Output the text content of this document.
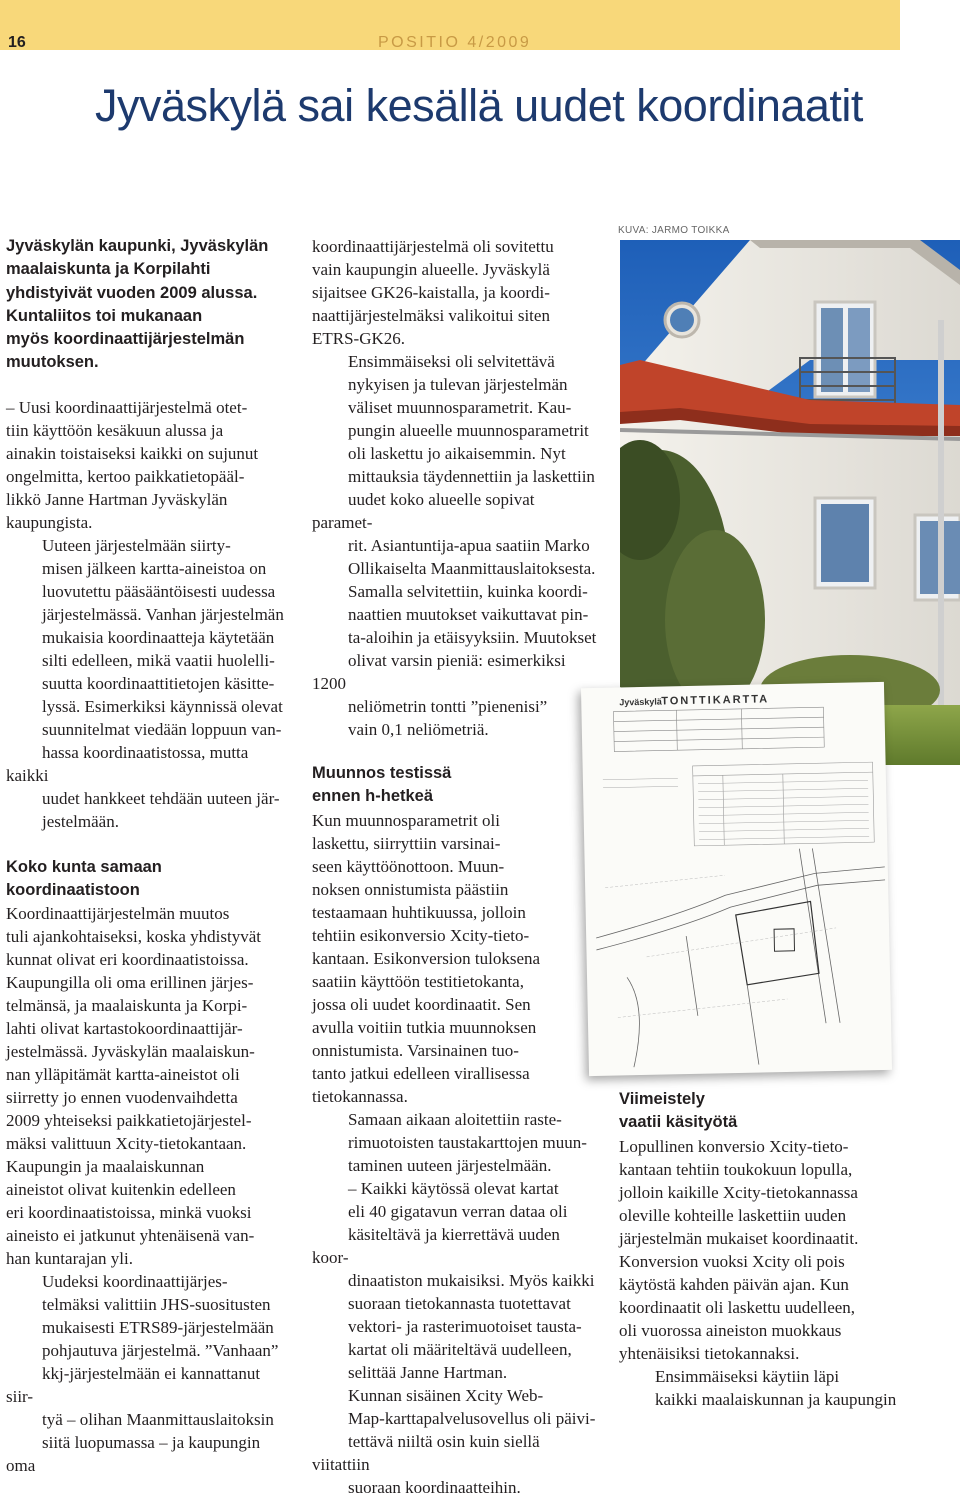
16	POSITIO 4/2009
Jyväskylä sai kesällä uudet koordinaatit
Jyväskylän kaupunki, Jyväskylän
maalaiskunta ja Korpilahti
yhdistyivät vuoden 2009 alussa.
Kuntaliitos toi mukanaan
myös koordinaattijärjestelmän
muutoksen.

– Uusi koordinaattijärjestelmä otet-
tiin käyttöön kesäkuun alussa ja
ainakin toistaiseksi kaikki on sujunut
ongelmitta, kertoo paikkatietopääl-
likkö Janne Hartman Jyväskylän
kaupungista.

Uuteen järjestelmään siirty-
misen jälkeen kartta-aineistoa on
luovutettu pääsääntöisesti uudessa
järjestelmässä. Vanhan järjestelmän
mukaisia koordinaatteja käytetään
silti edelleen, mikä vaatii huolelli-
suutta koordinaattitietojen käsitte-
lyssä. Esimerkiksi käynnissä olevat
suunnitelmat viedään loppuun van-
hassa koordinaatistossa, mutta kaikki
uudet hankkeet tehdään uuteen jär-
jestelmään.

Koko kunta samaan
koordinaatistoon

Koordinaattijärjestelmän muutos
tuli ajankohtaiseksi, koska yhdistyvät
kunnat olivat eri koordinaatistoissa.
Kaupungilla oli oma erillinen järjes-
telmänsä, ja maalaiskunta ja Korpi-
lahti olivat kartastokoordinaattijär-
jestelmässä. Jyväskylän maalaiskun-
nan ylläpitämät kartta-aineistot oli
siirretty jo ennen vuodenvaihdetta
2009 yhteiseksi paikkatietojärjestel-
mäksi valittuun Xcity-tietokantaan.
Kaupungin ja maalaiskunnan
aineistot olivat kuitenkin edelleen
eri koordinaatistoissa, minkä vuoksi
aineisto ei jatkunut yhtenäisenä van-
han kuntarajan yli.

Uudeksi koordinaattijärjes-
telmäksi valittiin JHS-suositusten
mukaisesti ETRS89-järjestelmään
pohjautuva järjestelmä. ”Vanhaan”
kkj-järjestelmään ei kannattanut siir-
tyä – olihan Maanmittauslaitoksin
siitä luopumassa – ja kaupungin oma

koordinaattijärjestelmä oli sovitettu
vain kaupungin alueelle. Jyväskylä
sijaitsee GK26-kaistalla, ja koordi-
naattijärjestelmäksi valikoitui siten
ETRS-GK26.

Ensimmäiseksi oli selvitettävä
nykyisen ja tulevan järjestelmän
väliset muunnosparametrit. Kau-
pungin alueelle muunnosparametrit
oli laskettu jo aikaisemmin. Nyt
mittauksia täydennettiin ja laskettiin
uudet koko alueelle sopivat paramet-
rit. Asiantuntija-apua saatiin Marko
Ollikaiselta Maanmittauslaitoksesta.
Samalla selvitettiin, kuinka koordi-
naattien muutokset vaikuttavat pin-
ta-aloihin ja etäisyyksiin. Muutokset
olivat varsin pieniä: esimerkiksi 1200
neliömetrin tontti ”pienenisi”
vain 0,1 neliömetriä.

Muunnos testissä
ennen h-hetkeä

Kun muunnosparametrit oli
laskettu, siirryttiin varsinai-
seen käyttöönottoon. Muun-
noksen onnistumista päästiin
testaamaan huhtikuussa, jolloin
tehtiin esikonversio Xcity-tieto-
kantaan. Esikonversion tuloksena
saatiin käyttöön testitietokanta,
jossa oli uudet koordinaatit. Sen
avulla voitiin tutkia muunnoksen
onnistumista. Varsinainen tuo-
tanto jatkui edelleen virallisessa
tietokannassa.

Samaan aikaan aloitettiin raste-
rimuotoisten taustakarttojen muun-
taminen uuteen järjestelmään.

– Kaikki käytössä olevat kartat
eli 40 gigatavun verran dataa oli
käsiteltävä ja kierrettävä uuden koor-
dinaatiston mukaisiksi. Myös kaikki
suoraan tietokannasta tuotettavat
vektori- ja rasterimuotoiset tausta-
kartat oli määriteltävä uudelleen,
selittää Janne Hartman.

Kunnan sisäinen Xcity Web-
Map-karttapalvelusovellus oli päivi-
tettävä niiltä osin kuin siellä viitattiin
suoraan koordinaatteihin.

KUVA: JARMO TOIKKA
Jyväskylä TONTTIKARTTA
Viimeistely
vaatii käsityötä

Lopullinen konversio Xcity-tieto-
kantaan tehtiin toukokuun lopulla,
jolloin kaikille Xcity-tietokannassa
oleville kohteille laskettiin uuden
järjestelmän mukaiset koordinaatit.
Konversion vuoksi Xcity oli pois
käytöstä kahden päivän ajan. Kun
koordinaatit oli laskettu uudelleen,
oli vuorossa aineiston muokkaus
yhtenäisiksi tietokannaksi.

Ensimmäiseksi käytiin läpi
kaikki maalaiskunnan ja kaupungin
